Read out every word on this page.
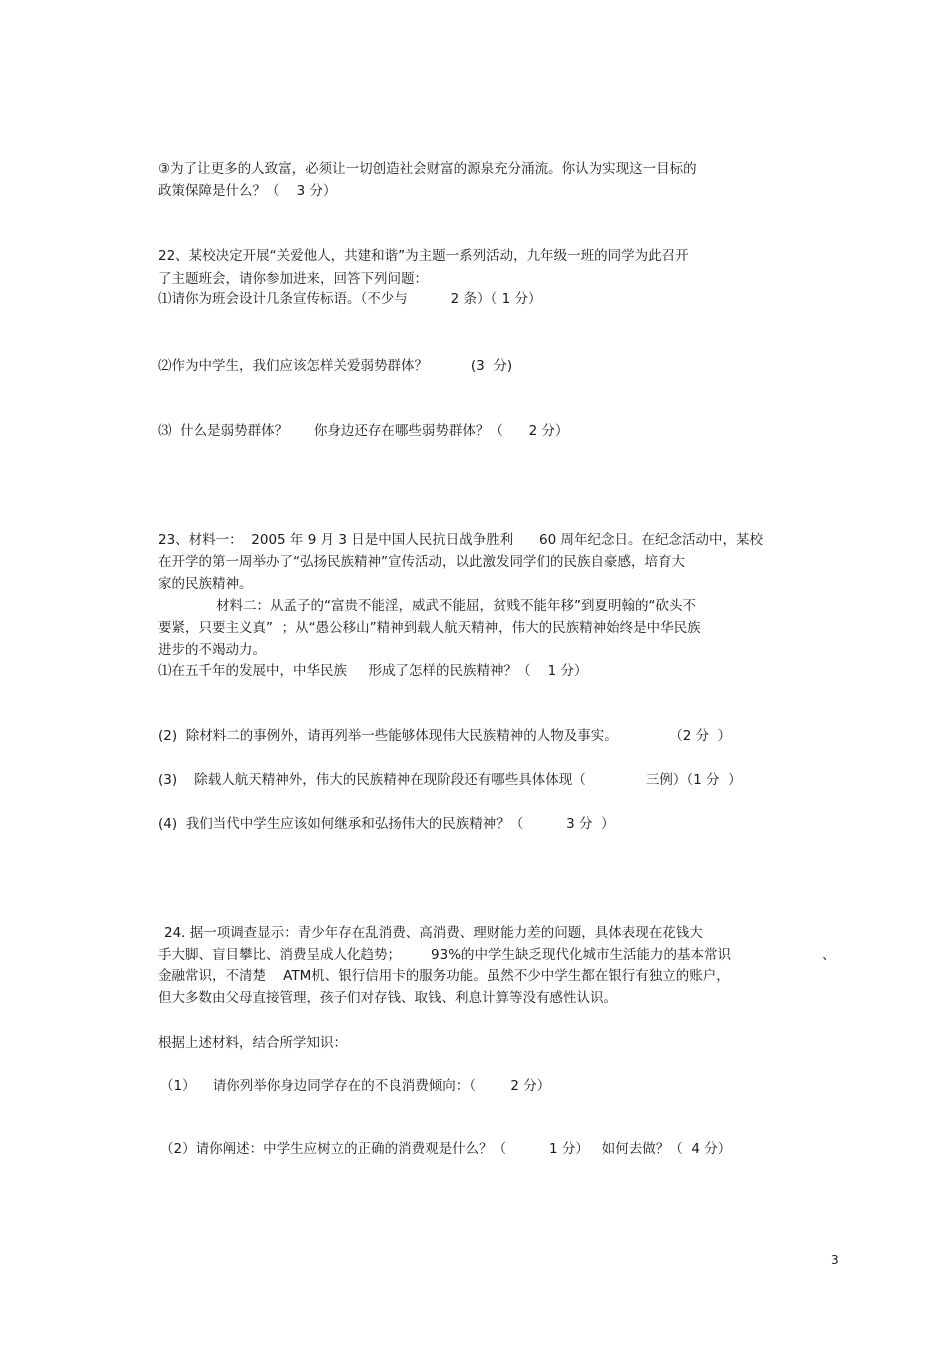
③为了让更多的人致富，必须让一切创造社会财富的源泉充分涌流。你认为实现这一目标的
政策保障是什么？（    3 分）
22、某校决定开展“关爱他人，共建和谐”为主题一系列活动，九年级一班的同学为此召开
了主题班会，请你参加进来，回答下列问题：
⑴请你为班会设计几条宣传标语。（不少与          2 条）（ 1 分）
⑵作为中学生，我们应该怎样关爱弱势群体？          (3  分)
⑶  什么是弱势群体？      你身边还存在哪些弱势群体？（      2 分）
23、材料一：  2005 年 9 月 3 日是中国人民抗日战争胜利      60 周年纪念日。在纪念活动中，某校
在开学的第一周举办了“弘扬民族精神”宣传活动，以此激发同学们的民族自豪感，培育大
家的民族精神。
材料二：从孟子的“富贵不能淫，威武不能屈，贫贱不能年移”到夏明翰的“砍头不
要紧，只要主义真”  ；从“愚公移山”精神到载人航天精神，伟大的民族精神始终是中华民族
进步的不竭动力。
⑴在五千年的发展中，中华民族     形成了怎样的民族精神？（    1 分）
(2)  除材料二的事例外，请再列举一些能够体现伟大民族精神的人物及事实。            （2 分  ）
(3)    除载人航天精神外，伟大的民族精神在现阶段还有哪些具体体现（              三例）（1 分  ）
(4)  我们当代中学生应该如何继承和弘扬伟大的民族精神？（          3 分  ）
24. 据一项调查显示：青少年存在乱消费、高消费、理财能力差的问题，具体表现在花钱大
手大脚、盲目攀比、消费呈成人化趋势；       93%的中学生缺乏现代化城市生活能力的基本常识	、
金融常识，不清楚    ATM机、银行信用卡的服务功能。虽然不少中学生都在银行有独立的账户，
但大多数由父母直接管理，孩子们对存钱、取钱、利息计算等没有感性认识。
根据上述材料，结合所学知识：
（1）    请你列举你身边同学存在的不良消费倾向：（        2 分）
（2）请你阐述：中学生应树立的正确的消费观是什么？（          1 分）   如何去做？（  4 分）
3
